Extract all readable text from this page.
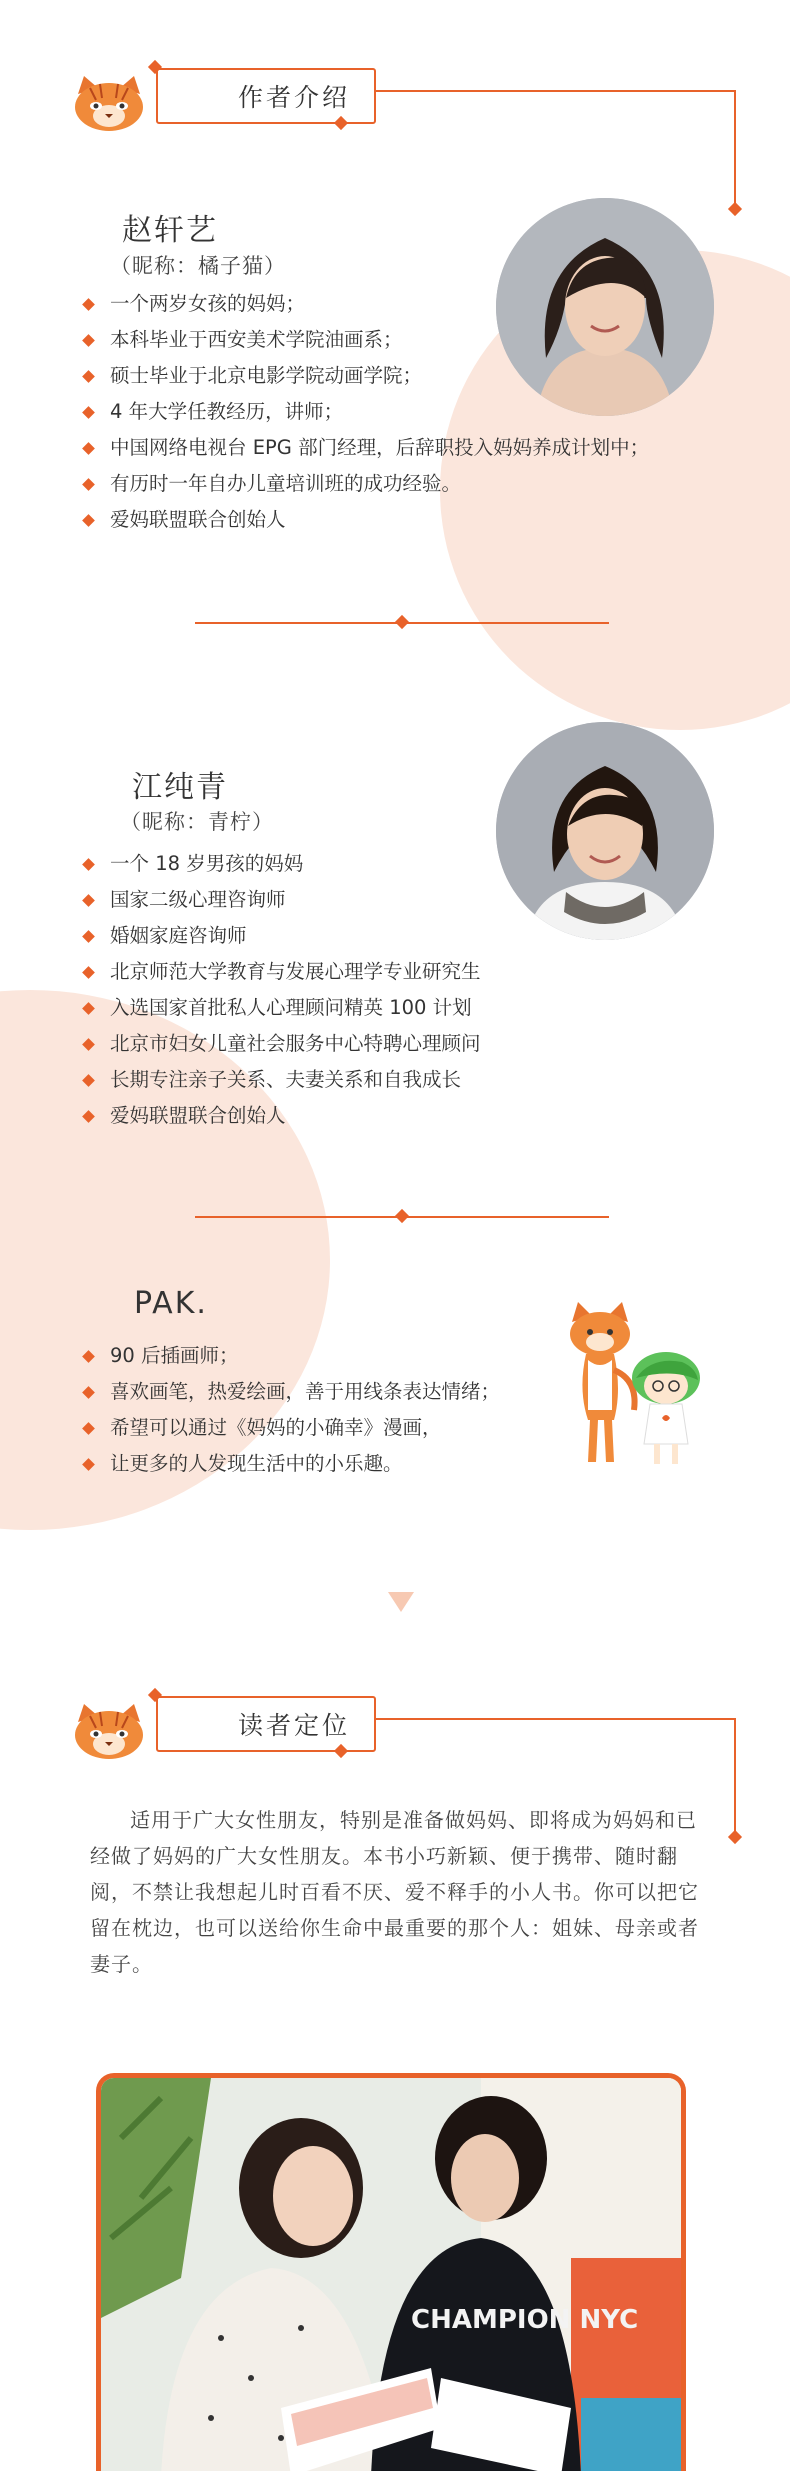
作者介绍
赵轩艺
（昵称：橘子猫）
一个两岁女孩的妈妈；
本科毕业于西安美术学院油画系；
硕士毕业于北京电影学院动画学院；
4 年大学任教经历，讲师；
中国网络电视台 EPG 部门经理，后辞职投入妈妈养成计划中；
有历时一年自办儿童培训班的成功经验。
爱妈联盟联合创始人
江纯青
（昵称：青柠）
一个 18 岁男孩的妈妈
国家二级心理咨询师
婚姻家庭咨询师
北京师范大学教育与发展心理学专业研究生
入选国家首批私人心理顾问精英 100 计划
北京市妇女儿童社会服务中心特聘心理顾问
长期专注亲子关系、夫妻关系和自我成长
爱妈联盟联合创始人
PAK.
90 后插画师；
喜欢画笔，热爱绘画，善于用线条表达情绪；
希望可以通过《妈妈的小确幸》漫画，
让更多的人发现生活中的小乐趣。
读者定位

适用于广大女性朋友，特别是准备做妈妈、即将成为妈妈和已经做了妈妈的广大女性朋友。本书小巧新颖、便于携带、随时翻阅，不禁让我想起儿时百看不厌、爱不释手的小人书。你可以把它留在枕边，也可以送给你生命中最重要的那个人：姐妹、母亲或者妻子。

CHAMPION NYC
